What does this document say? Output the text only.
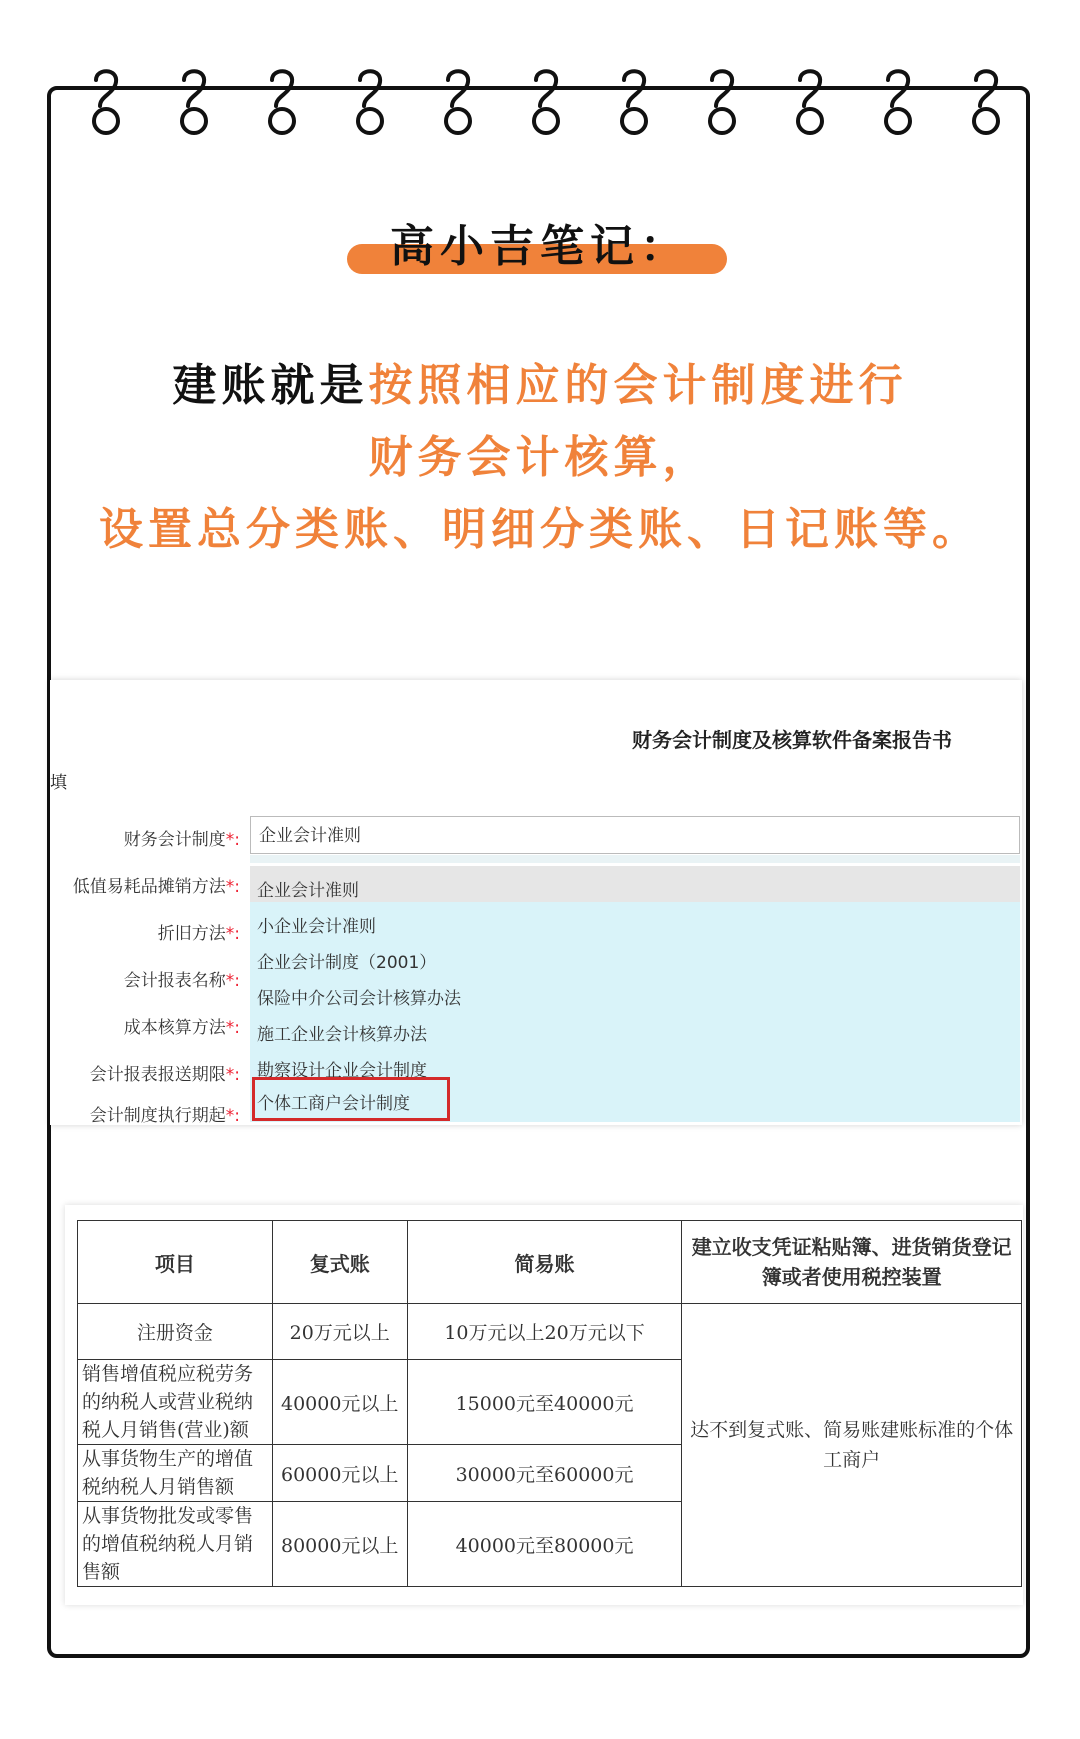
高小吉笔记：
建账就是按照相应的会计制度进行
财务会计核算，
设置总分类账、明细分类账、日记账等。
财务会计制度及核算软件备案报告书
填
财务会计制度*:
低值易耗品摊销方法*:
折旧方法*:
会计报表名称*:
成本核算方法*:
会计报表报送期限*:
会计制度执行期起*:
企业会计准则
企业会计准则
小企业会计准则
企业会计制度（2001）
保险中介公司会计核算办法
施工企业会计核算办法
勘察设计企业会计制度
个体工商户会计制度
项目	复式账	简易账	建立收支凭证粘贴簿、进货销货登记簿或者使用税控装置
注册资金	20万元以上	10万元以上20万元以下	达不到复式账、简易账建账标准的个体工商户
销售增值税应税劳务的纳税人或营业税纳税人月销售(营业)额	40000元以上	15000元至40000元	
从事货物生产的增值税纳税人月销售额	60000元以上	30000元至60000元	
从事货物批发或零售的增值税纳税人月销售额	80000元以上	40000元至80000元	
